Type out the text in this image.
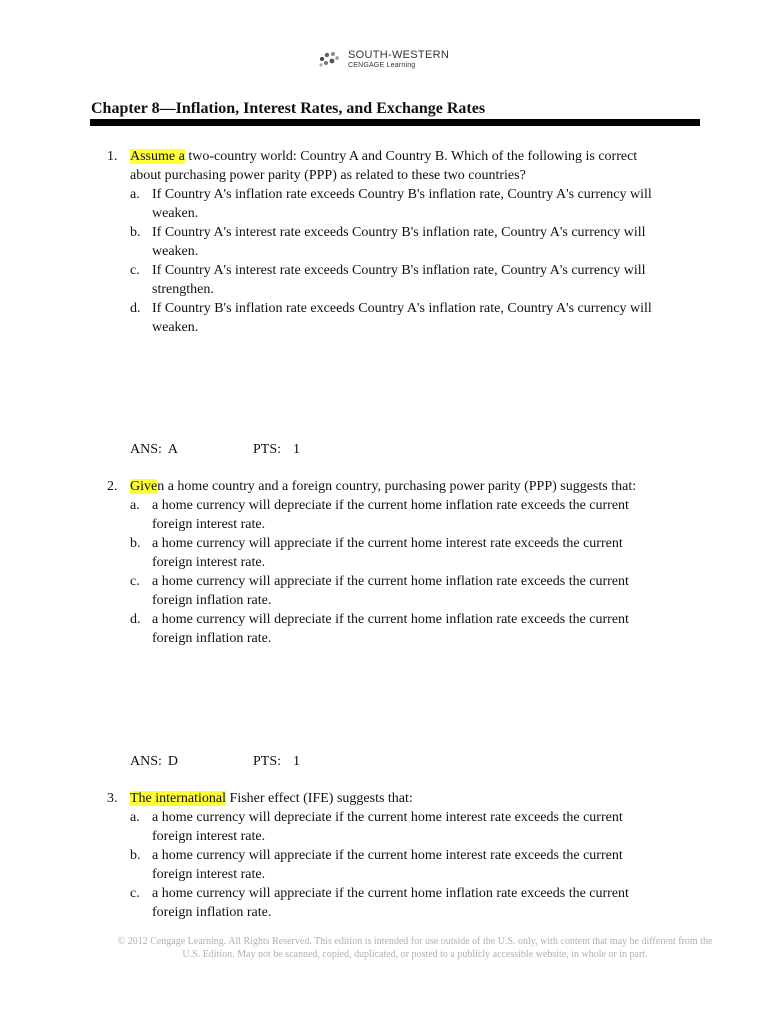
SOUTH-WESTERN
CENGAGE Learning
Chapter 8—Inflation, Interest Rates, and Exchange Rates
1. Assume a two-country world: Country A and Country B. Which of the following is correct about purchasing power parity (PPP) as related to these two countries?
a. If Country A's inflation rate exceeds Country B's inflation rate, Country A's currency will weaken.
b. If Country A's interest rate exceeds Country B's inflation rate, Country A's currency will weaken.
c. If Country A's interest rate exceeds Country B's inflation rate, Country A's currency will strengthen.
d. If Country B's inflation rate exceeds Country A's inflation rate, Country A's currency will weaken.
ANS: A	PTS: 1
2. Given a home country and a foreign country, purchasing power parity (PPP) suggests that:
a. a home currency will depreciate if the current home inflation rate exceeds the current foreign interest rate.
b. a home currency will appreciate if the current home interest rate exceeds the current foreign interest rate.
c. a home currency will appreciate if the current home inflation rate exceeds the current foreign inflation rate.
d. a home currency will depreciate if the current home inflation rate exceeds the current foreign inflation rate.
ANS: D	PTS: 1
3. The international Fisher effect (IFE) suggests that:
a. a home currency will depreciate if the current home interest rate exceeds the current foreign interest rate.
b. a home currency will appreciate if the current home interest rate exceeds the current foreign interest rate.
c. a home currency will appreciate if the current home inflation rate exceeds the current foreign inflation rate.
© 2012 Cengage Learning. All Rights Reserved. This edition is intended for use outside of the U.S. only, with content that may be different from the U.S. Edition. May not be scanned, copied, duplicated, or posted to a publicly accessible website, in whole or in part.
